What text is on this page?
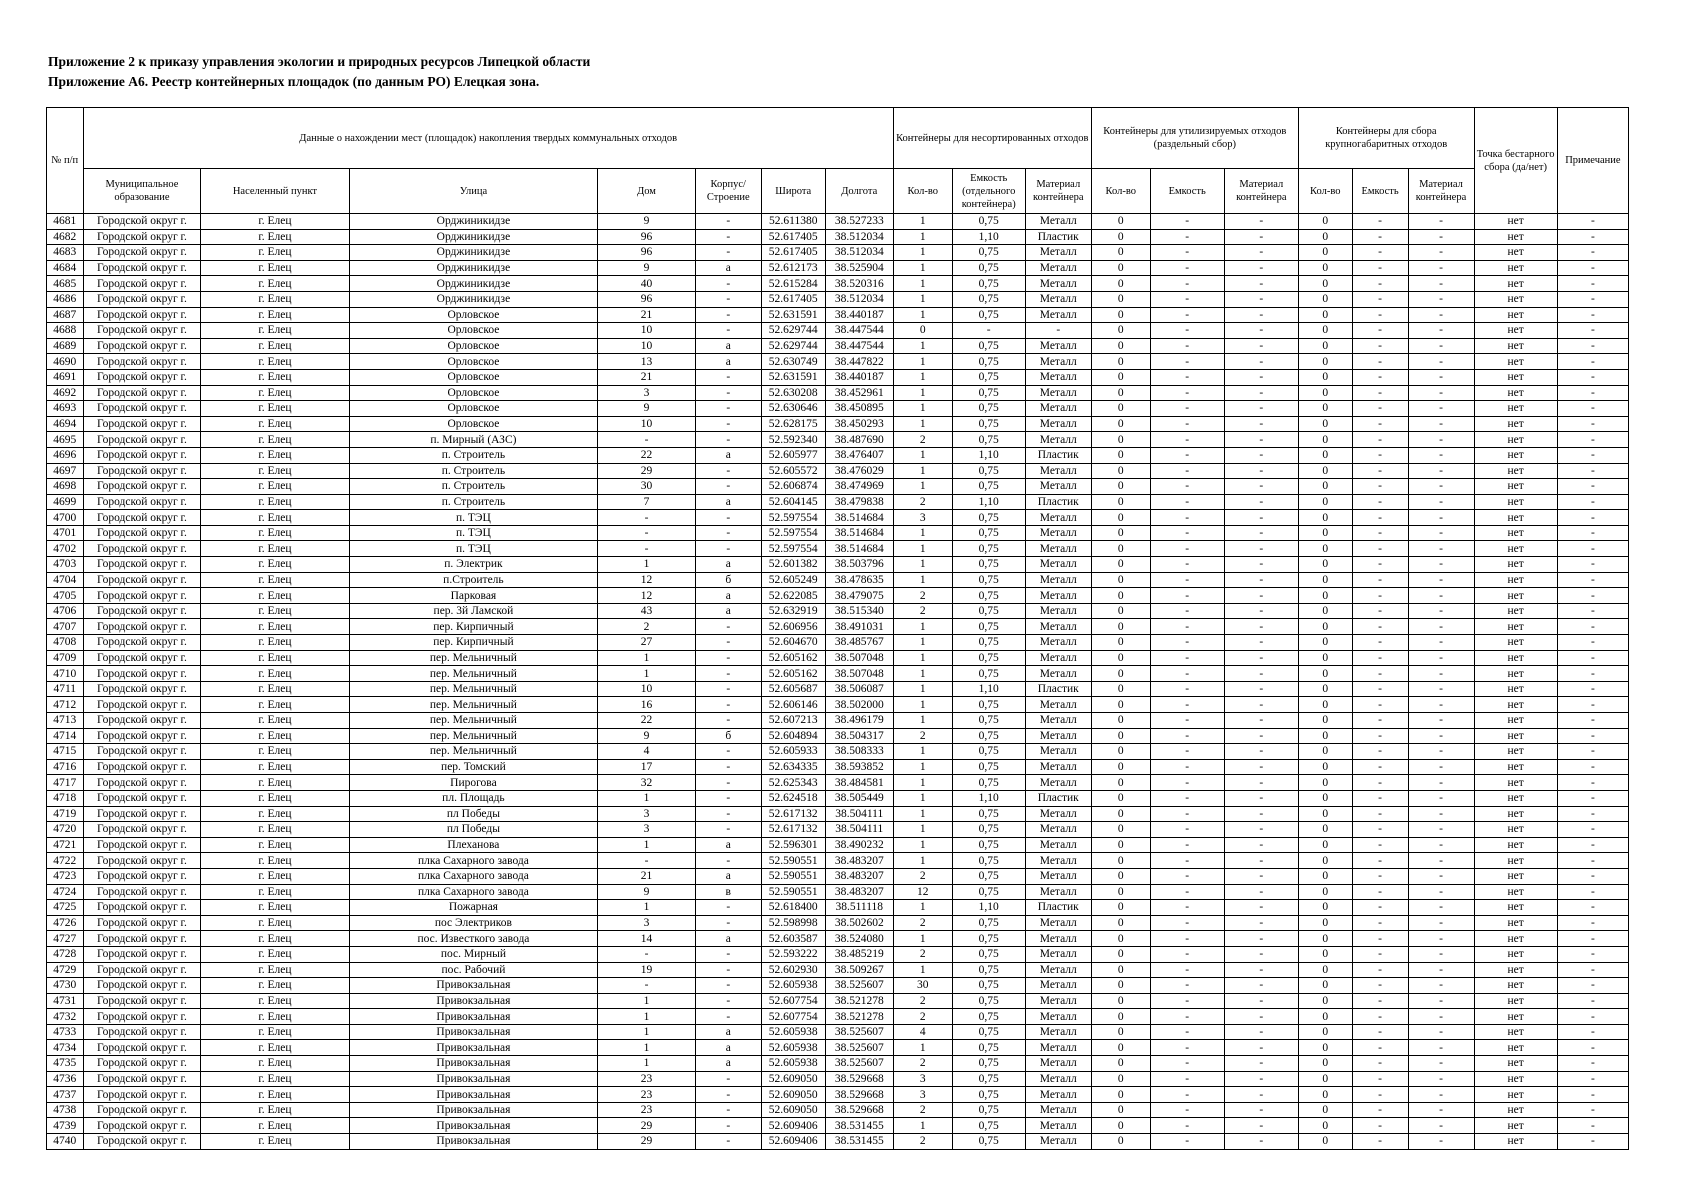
Приложение 2 к приказу управления экологии и природных ресурсов Липецкой области
Приложение А6. Реестр контейнерных площадок (по данным РО) Елецкая зона.
№ п/п	Данные о нахождении мест (площадок) накопления твердых коммунальных отходов							Контейнеры для несортированных отходов			Контейнеры для утилизируемых отходов (раздельный сбор)			Контейнеры для сбора крупногабаритных отходов			Точка бестарного сбора (да/нет)	Примечание
	Муниципальное образование	Населенный пункт	Улица	Дом	Корпус/ Строение	Широта	Долгота	Кол-во	Емкость (отдельного контейнера)	Материал контейнера	Кол-во	Емкость	Материал контейнера	Кол-во	Емкость	Материал контейнера		
4681	Городской округ г.	г. Елец	Орджиникидзе	9	-	52.611380	38.527233	1	0,75	Металл	0	-	-	0	-	-	нет	-
4682	Городской округ г.	г. Елец	Орджиникидзе	96	-	52.617405	38.512034	1	1,10	Пластик	0	-	-	0	-	-	нет	-
4683	Городской округ г.	г. Елец	Орджиникидзе	96	-	52.617405	38.512034	1	0,75	Металл	0	-	-	0	-	-	нет	-
4684	Городской округ г.	г. Елец	Орджиникидзе	9	а	52.612173	38.525904	1	0,75	Металл	0	-	-	0	-	-	нет	-
4685	Городской округ г.	г. Елец	Орджиникидзе	40	-	52.615284	38.520316	1	0,75	Металл	0	-	-	0	-	-	нет	-
4686	Городской округ г.	г. Елец	Орджиникидзе	96	-	52.617405	38.512034	1	0,75	Металл	0	-	-	0	-	-	нет	-
4687	Городской округ г.	г. Елец	Орловское	21	-	52.631591	38.440187	1	0,75	Металл	0	-	-	0	-	-	нет	-
4688	Городской округ г.	г. Елец	Орловское	10	-	52.629744	38.447544	0	-	-	0	-	-	0	-	-	нет	-
4689	Городской округ г.	г. Елец	Орловское	10	а	52.629744	38.447544	1	0,75	Металл	0	-	-	0	-	-	нет	-
4690	Городской округ г.	г. Елец	Орловское	13	а	52.630749	38.447822	1	0,75	Металл	0	-	-	0	-	-	нет	-
4691	Городской округ г.	г. Елец	Орловское	21	-	52.631591	38.440187	1	0,75	Металл	0	-	-	0	-	-	нет	-
4692	Городской округ г.	г. Елец	Орловское	3	-	52.630208	38.452961	1	0,75	Металл	0	-	-	0	-	-	нет	-
4693	Городской округ г.	г. Елец	Орловское	9	-	52.630646	38.450895	1	0,75	Металл	0	-	-	0	-	-	нет	-
4694	Городской округ г.	г. Елец	Орловское	10	-	52.628175	38.450293	1	0,75	Металл	0	-	-	0	-	-	нет	-
4695	Городской округ г.	г. Елец	п. Мирный (АЗС)	-	-	52.592340	38.487690	2	0,75	Металл	0	-	-	0	-	-	нет	-
4696	Городской округ г.	г. Елец	п. Строитель	22	а	52.605977	38.476407	1	1,10	Пластик	0	-	-	0	-	-	нет	-
4697	Городской округ г.	г. Елец	п. Строитель	29	-	52.605572	38.476029	1	0,75	Металл	0	-	-	0	-	-	нет	-
4698	Городской округ г.	г. Елец	п. Строитель	30	-	52.606874	38.474969	1	0,75	Металл	0	-	-	0	-	-	нет	-
4699	Городской округ г.	г. Елец	п. Строитель	7	а	52.604145	38.479838	2	1,10	Пластик	0	-	-	0	-	-	нет	-
4700	Городской округ г.	г. Елец	п. ТЭЦ	-	-	52.597554	38.514684	3	0,75	Металл	0	-	-	0	-	-	нет	-
4701	Городской округ г.	г. Елец	п. ТЭЦ	-	-	52.597554	38.514684	1	0,75	Металл	0	-	-	0	-	-	нет	-
4702	Городской округ г.	г. Елец	п. ТЭЦ	-	-	52.597554	38.514684	1	0,75	Металл	0	-	-	0	-	-	нет	-
4703	Городской округ г.	г. Елец	п. Электрик	1	а	52.601382	38.503796	1	0,75	Металл	0	-	-	0	-	-	нет	-
4704	Городской округ г.	г. Елец	п.Строитель	12	б	52.605249	38.478635	1	0,75	Металл	0	-	-	0	-	-	нет	-
4705	Городской округ г.	г. Елец	Парковая	12	а	52.622085	38.479075	2	0,75	Металл	0	-	-	0	-	-	нет	-
4706	Городской округ г.	г. Елец	пер. 3й Ламской	43	а	52.632919	38.515340	2	0,75	Металл	0	-	-	0	-	-	нет	-
4707	Городской округ г.	г. Елец	пер. Кирпичный	2	-	52.606956	38.491031	1	0,75	Металл	0	-	-	0	-	-	нет	-
4708	Городской округ г.	г. Елец	пер. Кирпичный	27	-	52.604670	38.485767	1	0,75	Металл	0	-	-	0	-	-	нет	-
4709	Городской округ г.	г. Елец	пер. Мельничный	1	-	52.605162	38.507048	1	0,75	Металл	0	-	-	0	-	-	нет	-
4710	Городской округ г.	г. Елец	пер. Мельничный	1	-	52.605162	38.507048	1	0,75	Металл	0	-	-	0	-	-	нет	-
4711	Городской округ г.	г. Елец	пер. Мельничный	10	-	52.605687	38.506087	1	1,10	Пластик	0	-	-	0	-	-	нет	-
4712	Городской округ г.	г. Елец	пер. Мельничный	16	-	52.606146	38.502000	1	0,75	Металл	0	-	-	0	-	-	нет	-
4713	Городской округ г.	г. Елец	пер. Мельничный	22	-	52.607213	38.496179	1	0,75	Металл	0	-	-	0	-	-	нет	-
4714	Городской округ г.	г. Елец	пер. Мельничный	9	б	52.604894	38.504317	2	0,75	Металл	0	-	-	0	-	-	нет	-
4715	Городской округ г.	г. Елец	пер. Мельничный	4	-	52.605933	38.508333	1	0,75	Металл	0	-	-	0	-	-	нет	-
4716	Городской округ г.	г. Елец	пер. Томский	17	-	52.634335	38.593852	1	0,75	Металл	0	-	-	0	-	-	нет	-
4717	Городской округ г.	г. Елец	Пирогова	32	-	52.625343	38.484581	1	0,75	Металл	0	-	-	0	-	-	нет	-
4718	Городской округ г.	г. Елец	пл. Площадь	1	-	52.624518	38.505449	1	1,10	Пластик	0	-	-	0	-	-	нет	-
4719	Городской округ г.	г. Елец	пл Победы	3	-	52.617132	38.504111	1	0,75	Металл	0	-	-	0	-	-	нет	-
4720	Городской округ г.	г. Елец	пл Победы	3	-	52.617132	38.504111	1	0,75	Металл	0	-	-	0	-	-	нет	-
4721	Городской округ г.	г. Елец	Плеханова	1	а	52.596301	38.490232	1	0,75	Металл	0	-	-	0	-	-	нет	-
4722	Городской округ г.	г. Елец	плка Сахарного завода	-	-	52.590551	38.483207	1	0,75	Металл	0	-	-	0	-	-	нет	-
4723	Городской округ г.	г. Елец	плка Сахарного завода	21	а	52.590551	38.483207	2	0,75	Металл	0	-	-	0	-	-	нет	-
4724	Городской округ г.	г. Елец	плка Сахарного завода	9	в	52.590551	38.483207	12	0,75	Металл	0	-	-	0	-	-	нет	-
4725	Городской округ г.	г. Елец	Пожарная	1	-	52.618400	38.511118	1	1,10	Пластик	0	-	-	0	-	-	нет	-
4726	Городской округ г.	г. Елец	пос Электриков	3	-	52.598998	38.502602	2	0,75	Металл	0	-	-	0	-	-	нет	-
4727	Городской округ г.	г. Елец	пос. Известкого завода	14	а	52.603587	38.524080	1	0,75	Металл	0	-	-	0	-	-	нет	-
4728	Городской округ г.	г. Елец	пос. Мирный	-	-	52.593222	38.485219	2	0,75	Металл	0	-	-	0	-	-	нет	-
4729	Городской округ г.	г. Елец	пос. Рабочий	19	-	52.602930	38.509267	1	0,75	Металл	0	-	-	0	-	-	нет	-
4730	Городской округ г.	г. Елец	Привокзальная	-	-	52.605938	38.525607	30	0,75	Металл	0	-	-	0	-	-	нет	-
4731	Городской округ г.	г. Елец	Привокзальная	1	-	52.607754	38.521278	2	0,75	Металл	0	-	-	0	-	-	нет	-
4732	Городской округ г.	г. Елец	Привокзальная	1	-	52.607754	38.521278	2	0,75	Металл	0	-	-	0	-	-	нет	-
4733	Городской округ г.	г. Елец	Привокзальная	1	а	52.605938	38.525607	4	0,75	Металл	0	-	-	0	-	-	нет	-
4734	Городской округ г.	г. Елец	Привокзальная	1	а	52.605938	38.525607	1	0,75	Металл	0	-	-	0	-	-	нет	-
4735	Городской округ г.	г. Елец	Привокзальная	1	а	52.605938	38.525607	2	0,75	Металл	0	-	-	0	-	-	нет	-
4736	Городской округ г.	г. Елец	Привокзальная	23	-	52.609050	38.529668	3	0,75	Металл	0	-	-	0	-	-	нет	-
4737	Городской округ г.	г. Елец	Привокзальная	23	-	52.609050	38.529668	3	0,75	Металл	0	-	-	0	-	-	нет	-
4738	Городской округ г.	г. Елец	Привокзальная	23	-	52.609050	38.529668	2	0,75	Металл	0	-	-	0	-	-	нет	-
4739	Городской округ г.	г. Елец	Привокзальная	29	-	52.609406	38.531455	1	0,75	Металл	0	-	-	0	-	-	нет	-
4740	Городской округ г.	г. Елец	Привокзальная	29	-	52.609406	38.531455	2	0,75	Металл	0	-	-	0	-	-	нет	-
